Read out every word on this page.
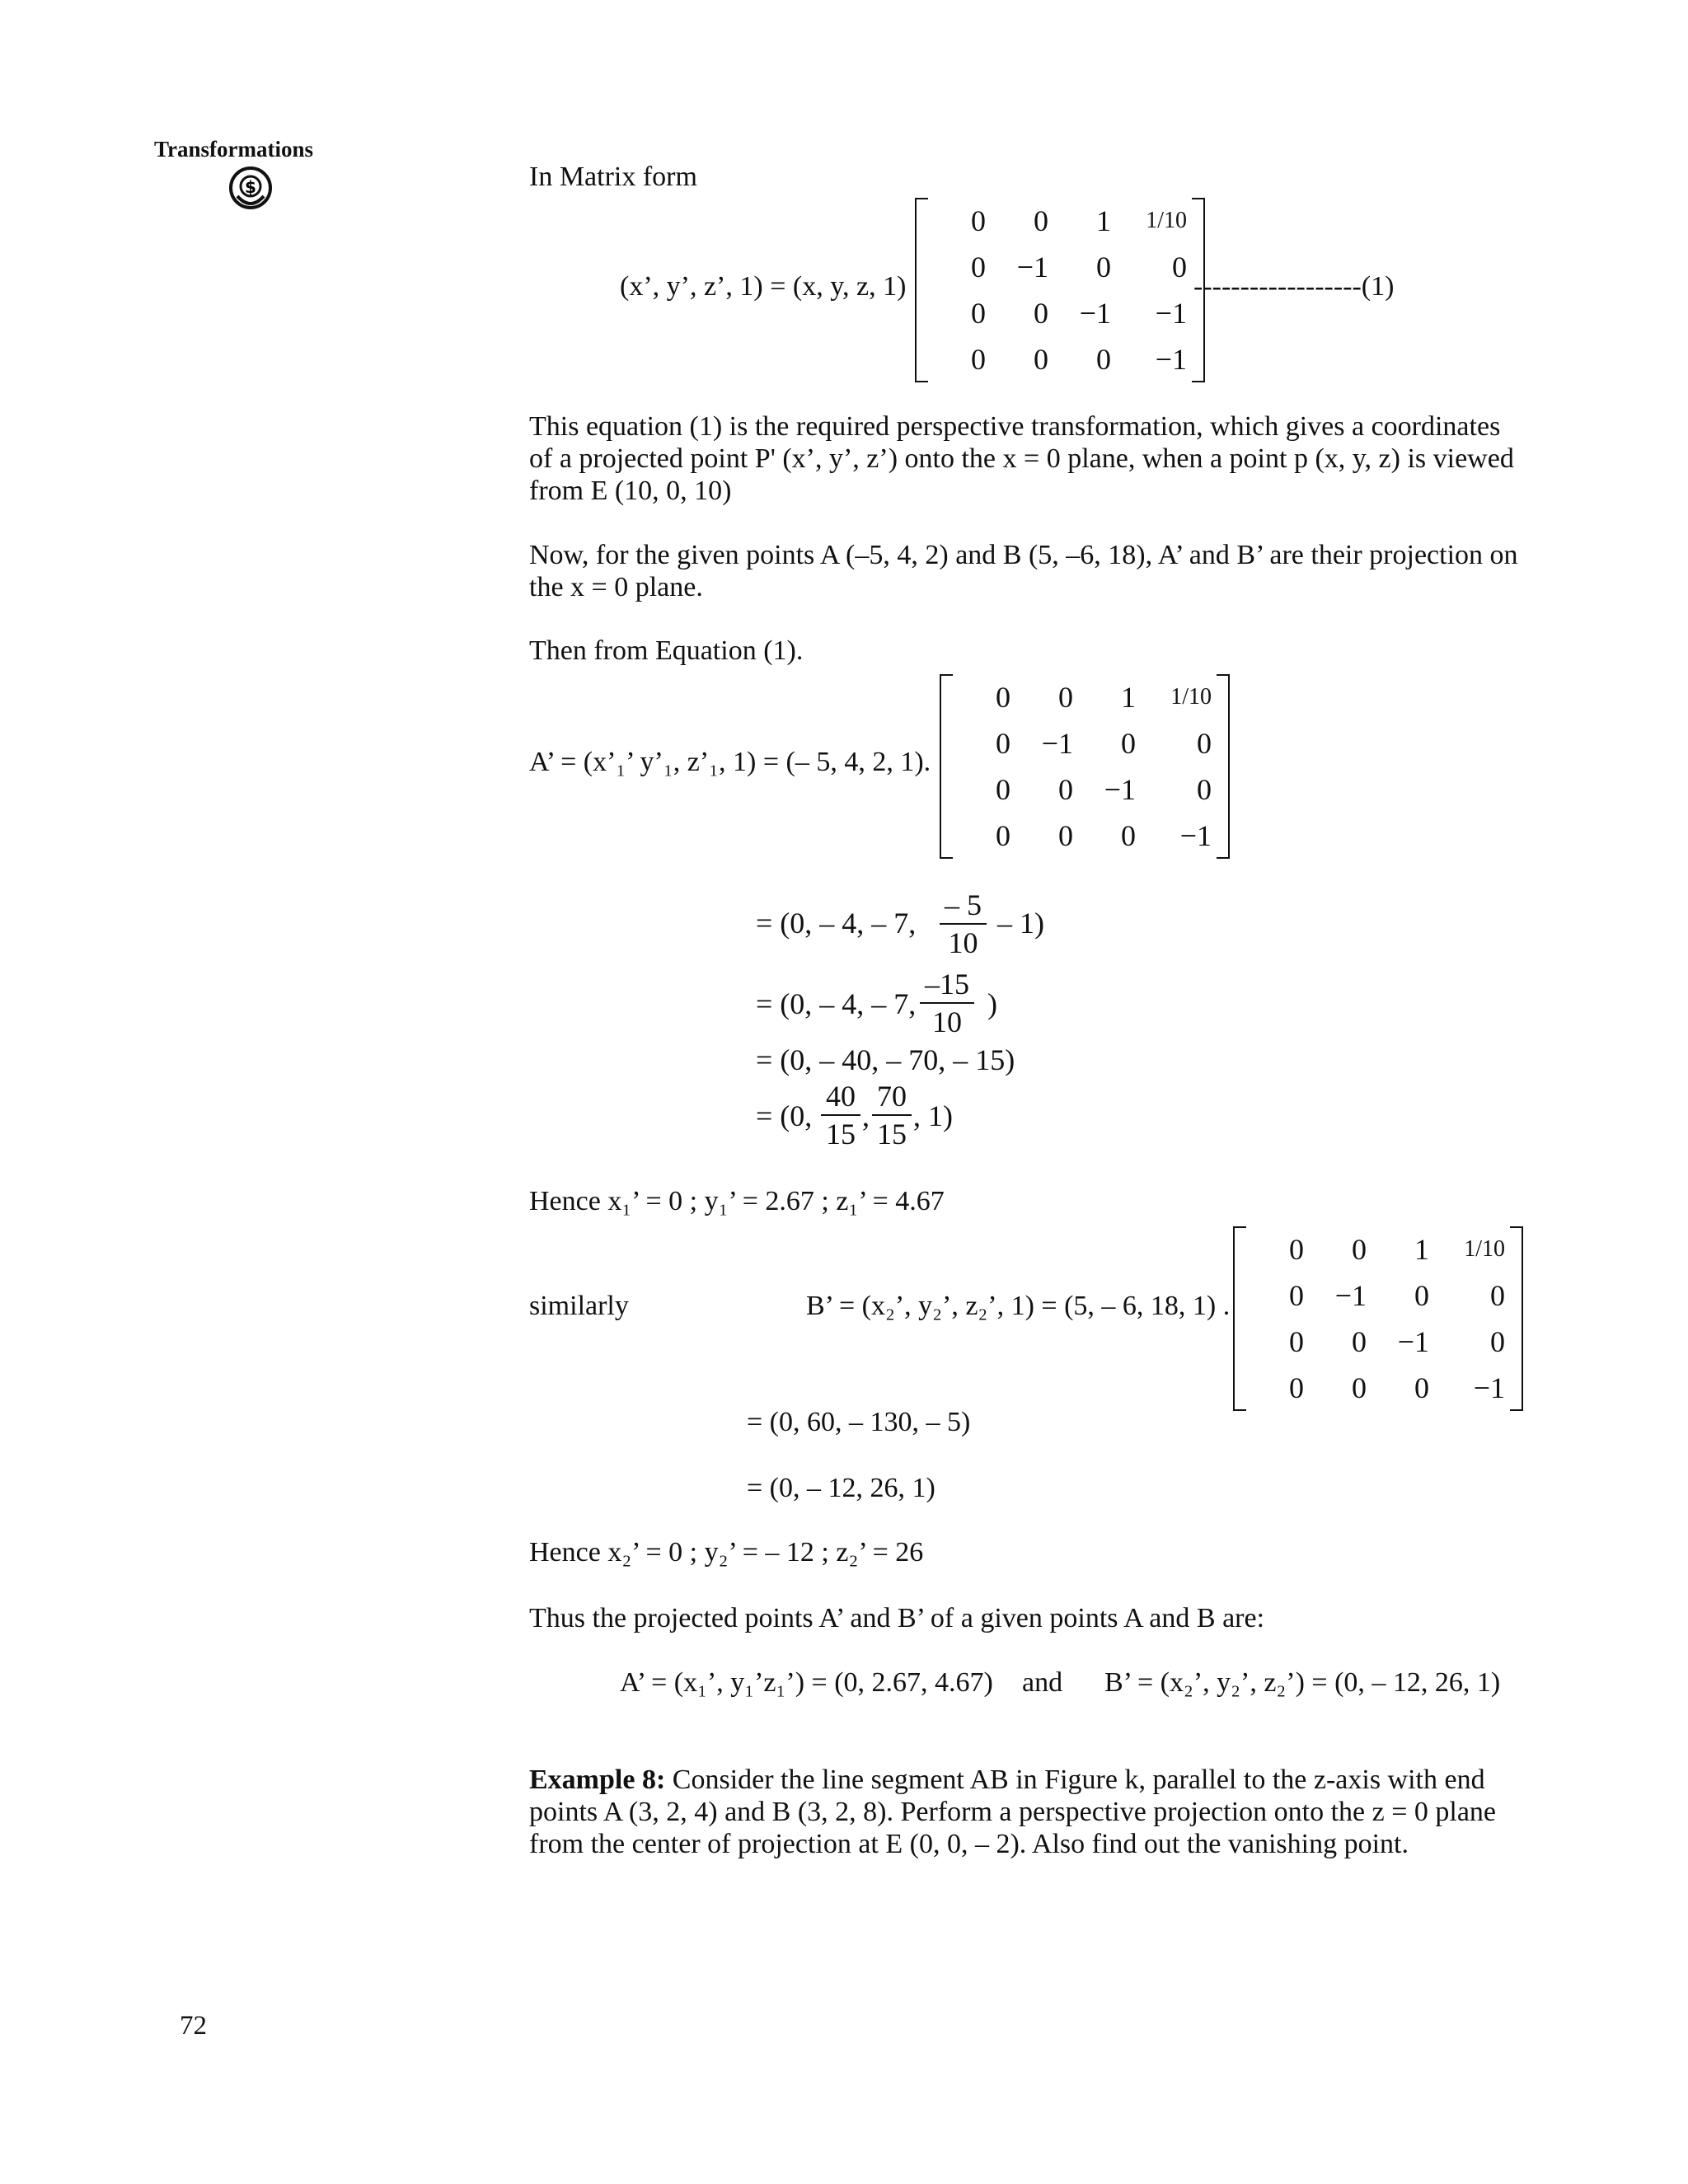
Transformations
$	In Matrix form
(x’, y’, z’, 1) = (x, y, z, 1)
0	0	1	1/10
0	−1	0	0
0	0	−1	−1
0	0	0	−1
------------------(1)
This equation (1) is the required perspective transformation, which gives a coordinates of a projected point P' (x’, y’, z’) onto the x = 0 plane, when a point p (x, y, z) is viewed from E (10, 0, 10)
Now, for the given points A (–5, 4, 2) and B (5, –6, 18), A’ and B’ are their projection on the x = 0 plane.
Then from Equation (1).
A’ = (x’₁’ y’₁, z’₁, 1) = (– 5, 4, 2, 1).
0	0	1	1/10
0	−1	0	0
0	0	−1	0
0	0	0	−1
= (0, – 4, – 7, $\frac{- 5}{10} - 1$)
= (0, – 4, – 7, $\frac{-15}{10}$ )
= (0, – 40, – 70, – 15)
= (0, $\frac{40}{15}$ , $\frac{70}{15}$ , 1)
Hence x₁’ = 0 ; y₁’ = 2.67 ; z₁’ = 4.67
similarly	B’ = (x₂’, y₂’, z₂’, 1) = (5, – 6, 18, 1) .
0	0	1	1/10
0	−1	0	0
0	0	−1	0
0	0	0	−1
= (0, 60, – 130, – 5)
= (0, – 12, 26, 1)
Hence x₂’ = 0 ; y₂’ = – 12 ; z₂’ = 26
Thus the projected points A’ and B’ of a given points A and B are:
A’ = (x₁’, y₁’z₁’) = (0, 2.67, 4.67) and B’ = (x₂’, y₂’, z₂’) = (0, – 12, 26, 1)
Example 8: Consider the line segment AB in Figure k, parallel to the z-axis with end points A (3, 2, 4) and B (3, 2, 8). Perform a perspective projection onto the z = 0 plane from the center of projection at E (0, 0, – 2). Also find out the vanishing point.
72
